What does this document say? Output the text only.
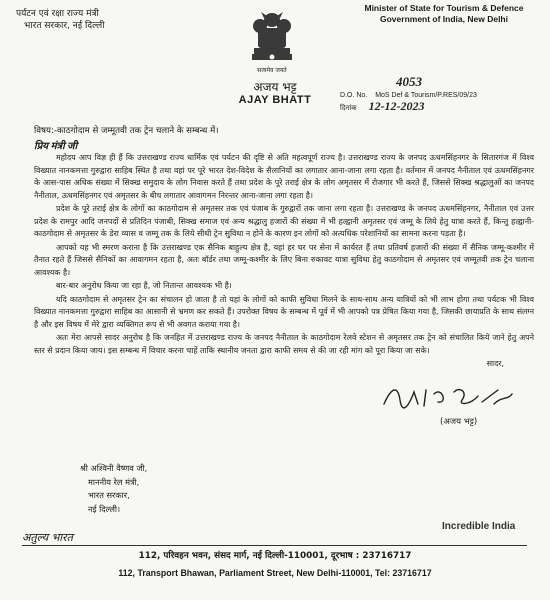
पर्यटन एवं रक्षा राज्य मंत्री
भारत सरकार, नई दिल्ली
सत्यमेव जयते
Minister of State for Tourism & Defence
Government of India, New Delhi
अजय भट्ट
AJAY BHATT
4053
D.O. No. MoS Def & Tourism/P.RES/09/23
दिनांक 12-12-2023
विषय:-काठगोदाम से जम्मूतवी तक ट्रेन चलाने के सम्बन्ध में।
प्रिय मंत्री जी

महोदय आप विज्ञ ही हैं कि उत्तराखण्ड राज्य धार्मिक एवं पर्यटन की दृष्टि से अति महत्वपूर्ण राज्य है। उत्तराखण्ड राज्य के जनपद ऊधमसिंहनगर के सितारगंज में विश्व विख्यात नानकमत्ता गुरुद्वारा साहिब स्थित है तथा वहां पर पूरे भारत देश-विदेश के सैलानियों का लगातार आना-जाना लगा रहता है। वर्तमान में जनपद नैनीताल एवं ऊधमसिंहनगर के आस-पास अधिक संख्या में सिक्ख समुदाय के लोग निवास करते हैं तथा प्रदेश के पूरे तराई क्षेत्र के लोग अमृतसर में रोजगार भी करते हैं, जिससे सिक्ख श्रद्धालुओं का जनपद नैनीताल, ऊधमसिंहनगर एवं अमृतसर के बीच लगातार आवागमन निरन्तर आना-जाना लगा रहता है।

प्रदेश के पूरे तराई क्षेत्र के लोगों का काठगोदाम से अमृतसर तक एवं पंजाब के गुरुद्वारों तक जाना लगा रहता है। उत्तराखण्ड के जनपद ऊधमसिंहनगर, नैनीताल एवं उत्तर प्रदेश के रामपुर आदि जनपदों से प्रतिदिन पंजाबी, सिक्ख समाज एवं अन्य श्रद्धालु हजारों की संख्या में भी हल्द्वानी अमृतसर एवं जम्मू के लिये हेतु यात्रा करते हैं, किन्तु हल्द्वानी-काठगोदाम से अमृतसर के डेरा व्यास व जम्मू तक के लिये सीधी ट्रेन सुविधा न होने के कारण इन लोगों को अत्यधिक परेशानियों का सामना करना पड़ता है।

आपको यह भी स्मरण कराना है कि उत्तराखण्ड एक सैनिक बाहुल्य क्षेत्र है, यहां हर घर पर सेना में कार्यरत हैं तथा प्रतिवर्ष हजारों की संख्या में सैनिक जम्मू-कश्मीर में तैनात रहते हैं जिससे सैनिकों का आवागमन रहता है, अतः बॉर्डर तथा जम्मू-कश्मीर के लिए बिना रुकावट यात्रा सुविधा हेतु काठगोदाम से अमृतसर एवं जम्मूतवी तक ट्रेन चलाना आवश्यक है।

बार-बार अनुरोध किया जा रहा है, जो नितान्त आवश्यक भी है।

यदि काठगोदाम से अमृतसर ट्रेन का संचालन हो जाता है तो यहां के लोगों को काफी सुविधा मिलने के साथ-साथ अन्य यात्रियों को भी लाभ होगा तथा पर्यटक भी विश्व विख्यात नानकमत्ता गुरुद्वारा साहिब का आसानी से भ्रमण कर सकते हैं। उपरोक्त विषय के सम्बन्ध में पूर्व में भी आपको पत्र प्रेषित किया गया है, जिसकी छायाप्रति के साथ संलग्न है और इस विषय में मेरे द्वारा व्यक्तिगत रूप से भी अवगत कराया गया है।

अतः मेरा आपसे सादर अनुरोध है कि जनहित में उत्तराखण्ड राज्य के जनपद नैनीताल के काठगोदाम रेलवे स्टेशन से अमृतसर तक ट्रेन को संचालित किये जाने हेतु अपने स्तर से प्रदान किया जाय। इस सम्बन्ध में विचार करना चाहें ताकि स्थानीय जनता द्वारा काफी समय से की जा रही मांग को पूरा किया जा सके।

सादर,

(अजय भट्ट)
श्री अश्विनी वैष्णव जी,
माननीय रेल मंत्री,
भारत सरकार,
नई दिल्ली।
Incredible India
अतुल्य भारत
112, परिवहन भवन, संसद मार्ग, नई दिल्ली-110001, दूरभाष : 23716717
112, Transport Bhawan, Parliament Street, New Delhi-110001, Tel: 23716717
